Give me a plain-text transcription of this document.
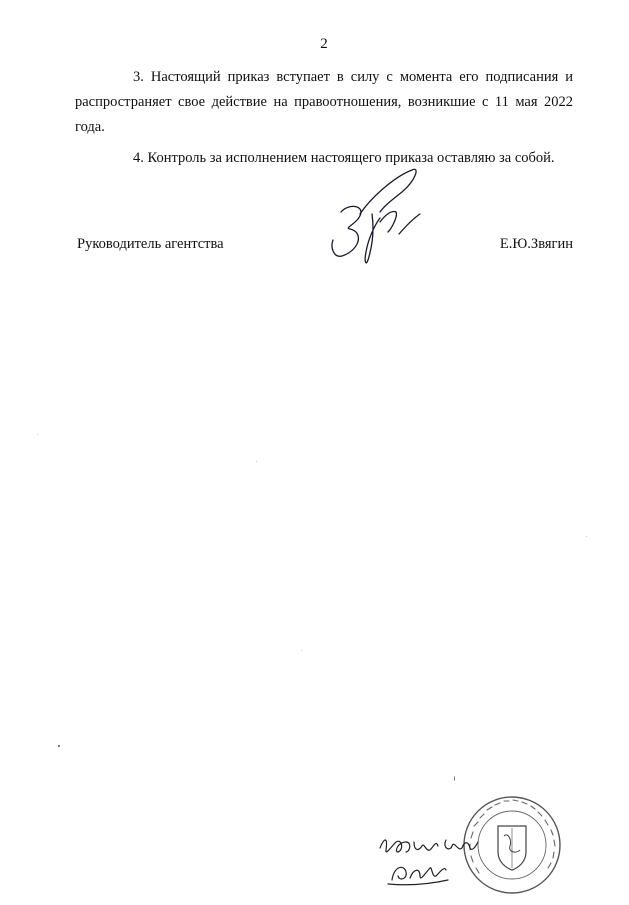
2
3. Настоящий приказ вступает в силу с момента его подписания и распространяет свое действие на правоотношения, возникшие с 11 мая 2022 года.
4. Контроль за исполнением настоящего приказа оставляю за собой.
Руководитель агентства	Е.Ю.Звягин
